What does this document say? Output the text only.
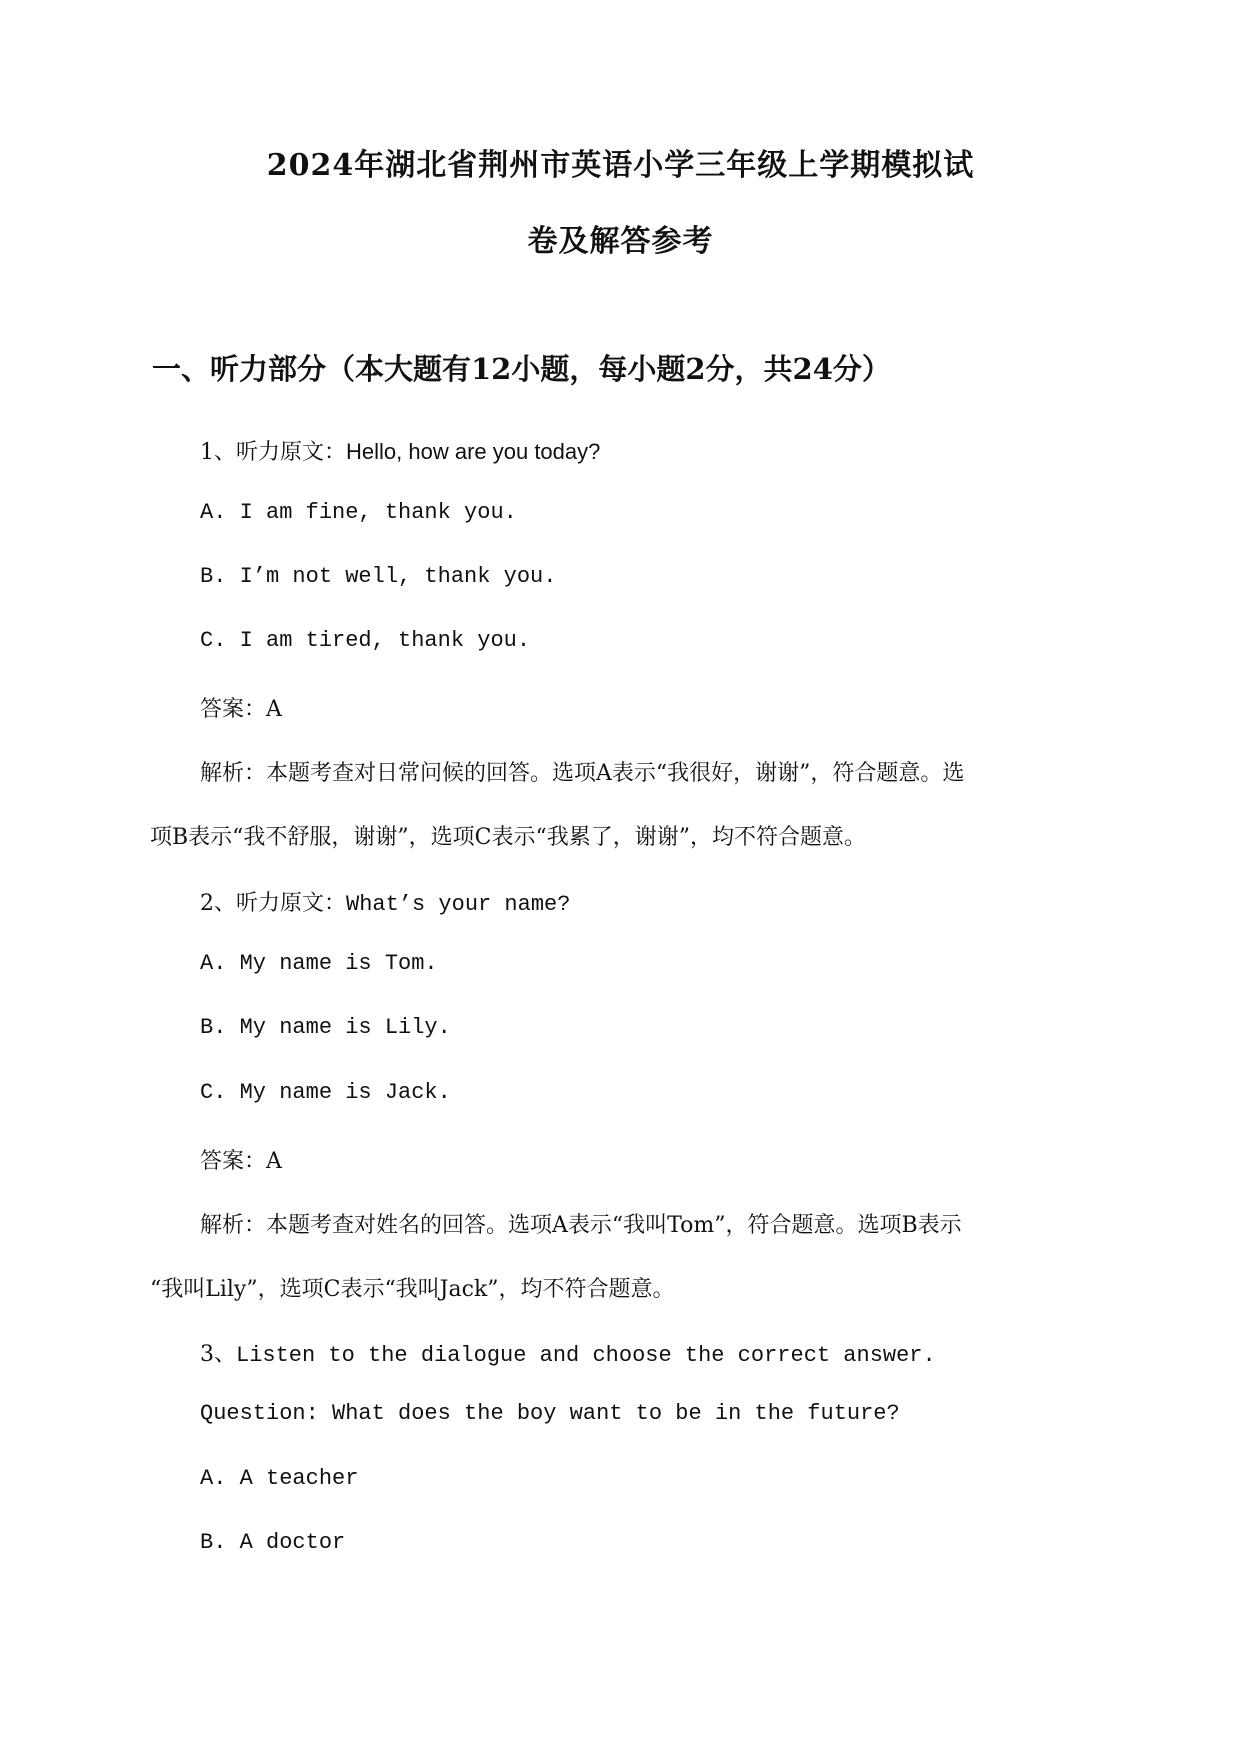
2024年湖北省荆州市英语小学三年级上学期模拟试
卷及解答参考
一、听力部分（本大题有12小题，每小题2分，共24分）
1、听力原文：Hello, how are you today?
A. I am fine, thank you.
B. I’m not well, thank you.
C. I am tired, thank you.
答案：A
解析：本题考查对日常问候的回答。选项A表示“我很好，谢谢”，符合题意。选
项B表示“我不舒服，谢谢”，选项C表示“我累了，谢谢”，均不符合题意。
2、听力原文：What’s your name?
A. My name is Tom.
B. My name is Lily.
C. My name is Jack.
答案：A
解析：本题考查对姓名的回答。选项A表示“我叫Tom”，符合题意。选项B表示
“我叫Lily”，选项C表示“我叫Jack”，均不符合题意。
3、Listen to the dialogue and choose the correct answer.
Question: What does the boy want to be in the future?
A. A teacher
B. A doctor
